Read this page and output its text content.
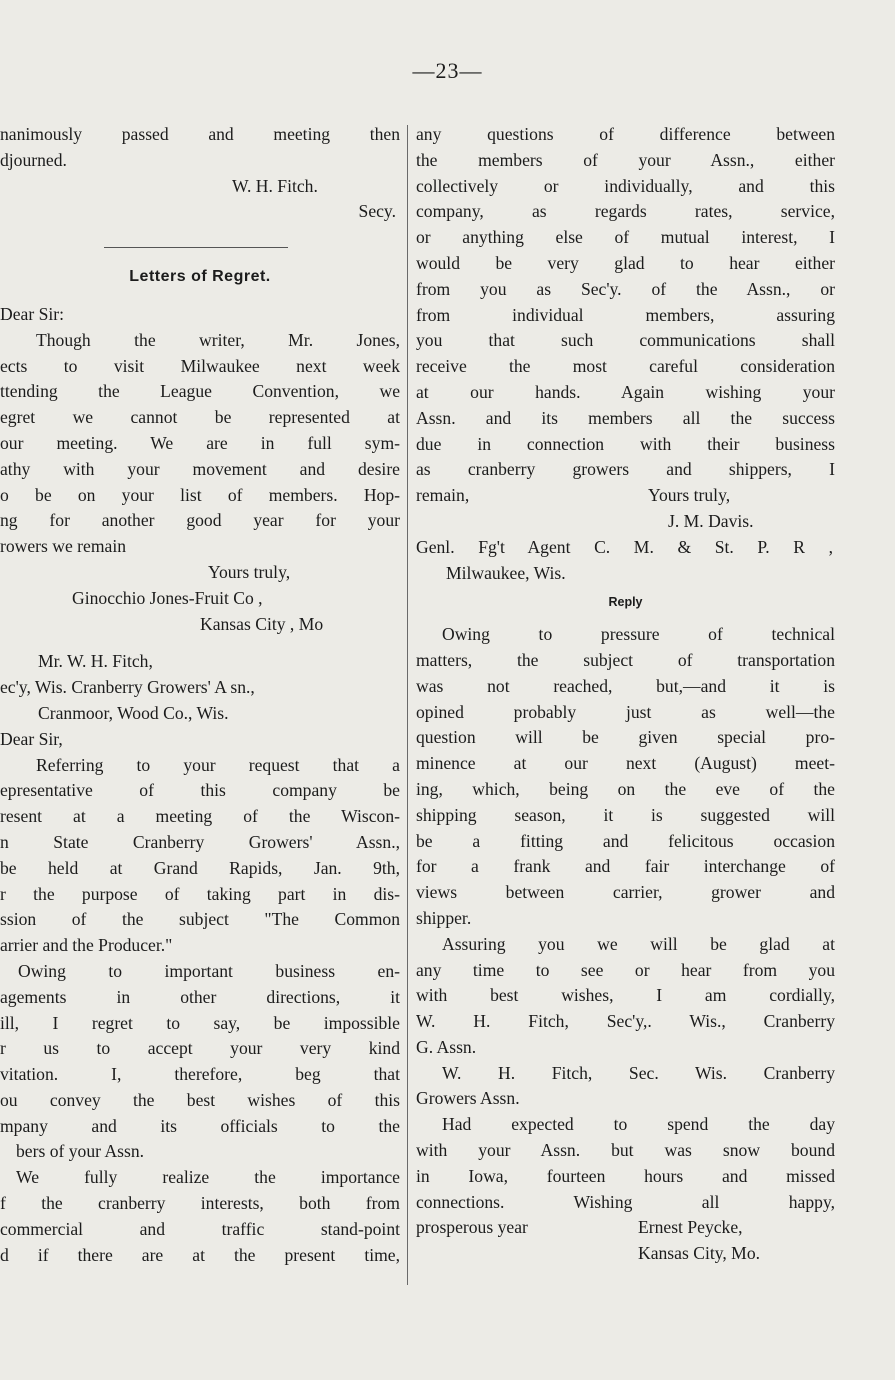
—23—
nanimously passed and meeting then
djourned.
W. H. Fitch.
Secy.
Letters of Regret.
Dear Sir:
Though the writer, Mr. Jones,
ects to visit Milwaukee next week
ttending the League Convention, we
egret we cannot be represented at
our meeting. We are in full sym-
athy with your movement and desire
o be on your list of members. Hop-
ng for another good year for your
rowers we remain
Yours truly,
Ginocchio Jones-Fruit Co ,
Kansas City , Mo
Mr. W. H. Fitch,
ec'y, Wis. Cranberry Growers' A sn.,
Cranmoor, Wood Co., Wis.
Dear Sir,
Referring to your request that a
epresentative of this company be
resent at a meeting of the Wiscon-
n State Cranberry Growers' Assn.,
be held at Grand Rapids, Jan. 9th,
r the purpose of taking part in dis-
ssion of the subject "The Common
arrier and the Producer."
Owing to important business en-
agements in other directions, it
ill, I regret to say, be impossible
r us to accept your very kind
vitation. I, therefore, beg that
ou convey the best wishes of this
mpany and its officials to the
bers of your Assn.
We fully realize the importance
f the cranberry interests, both from
commercial and traffic stand-point
d if there are at the present time,
any questions of difference between
the members of your Assn., either
collectively or individually, and this
company, as regards rates, service,
or anything else of mutual interest, I
would be very glad to hear either
from you as Sec'y. of the Assn., or
from individual members, assuring
you that such communications shall
receive the most careful consideration
at our hands. Again wishing your
Assn. and its members all the success
due in connection with their business
as cranberry growers and shippers, I
remain,	Yours truly,
J. M. Davis.
Genl. Fg't Agent C. M. & St. P. R ,
Milwaukee, Wis.
Reply
Owing to pressure of technical
matters, the subject of transportation
was not reached, but,—and it is
opined probably just as well—the
question will be given special pro-
minence at our next (August) meet-
ing, which, being on the eve of the
shipping season, it is suggested will
be a fitting and felicitous occasion
for a frank and fair interchange of
views between carrier, grower and
shipper.
Assuring you we will be glad at
any time to see or hear from you
with best wishes, I am cordially,
W. H. Fitch, Sec'y,. Wis., Cranberry
G. Assn.
W. H. Fitch, Sec. Wis. Cranberry
Growers Assn.
Had expected to spend the day
with your Assn. but was snow bound
in Iowa, fourteen hours and missed
connections. Wishing all happy,
prosperous year	Ernest Peycke,
Kansas City, Mo.
